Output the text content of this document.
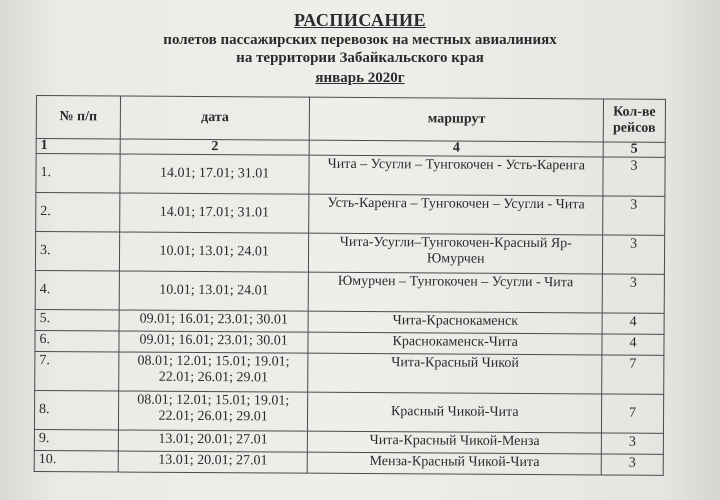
РАСПИСАНИЕ
полетов пассажирских перевозок на местных авиалиниях
на территории Забайкальского края
январь 2020г
№ п/п	дата	маршрут	Кол-ве рейсов
1	2	4	5
1.	14.01; 17.01; 31.01	Чита – Усугли – Тунгокочен - Усть-Каренга	3
2.	14.01; 17.01; 31.01	Усть-Каренга – Тунгокочен – Усугли - Чита	3
3.	10.01; 13.01; 24.01	Чита-Усугли–Тунгокочен-Красный Яр-Юмурчен	3
4.	10.01; 13.01; 24.01	Юмурчен – Тунгокочен – Усугли - Чита	3
5.	09.01; 16.01; 23.01; 30.01	Чита-Краснокаменск	4
6.	09.01; 16.01; 23.01; 30.01	Краснокаменск-Чита	4
7.	08.01; 12.01; 15.01; 19.01; 22.01; 26.01; 29.01	Чита-Красный Чикой	7
8.	08.01; 12.01; 15.01; 19.01; 22.01; 26.01; 29.01	Красный Чикой-Чита	7
9.	13.01; 20.01; 27.01	Чита-Красный Чикой-Менза	3
10.	13.01; 20.01; 27.01	Менза-Красный Чикой-Чита	3
